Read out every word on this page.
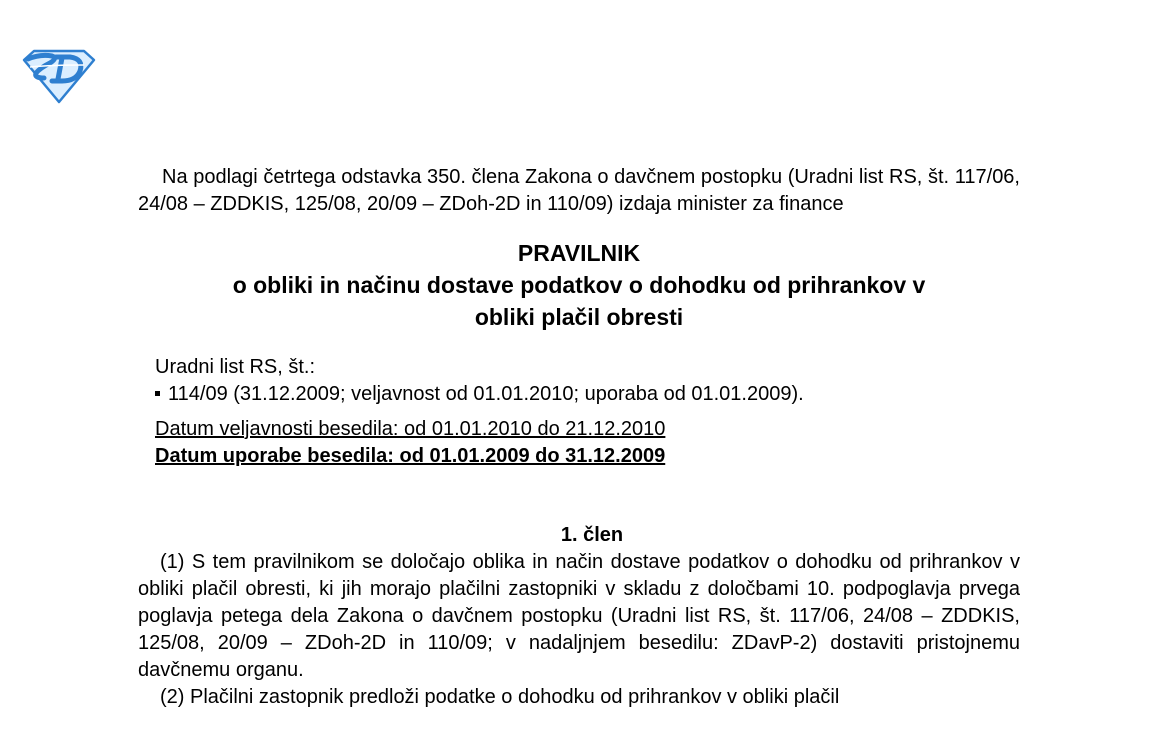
Na podlagi četrtega odstavka 350. člena Zakona o davčnem postopku (Uradni list RS, št. 117/06, 24/08 – ZDDKIS, 125/08, 20/09 – ZDoh-2D in 110/09) izdaja minister za finance

PRAVILNIK
o obliki in načinu dostave podatkov o dohodku od prihrankov v
obliki plačil obresti
Uradni list RS, št.:
114/09 (31.12.2009; veljavnost od 01.01.2010; uporaba od 01.01.2009).
Datum veljavnosti besedila: od 01.01.2010 do 21.12.2010
Datum uporabe besedila: od 01.01.2009 do 31.12.2009
1. člen

(1) S tem pravilnikom se določajo oblika in način dostave podatkov o dohodku od prihrankov v obliki plačil obresti, ki jih morajo plačilni zastopniki v skladu z določbami 10. podpoglavja prvega poglavja petega dela Zakona o davčnem postopku (Uradni list RS, št. 117/06, 24/08 – ZDDKIS, 125/08, 20/09 – ZDoh-2D in 110/09; v nadaljnjem besedilu: ZDavP-2) dostaviti pristojnemu davčnemu organu.

(2) Plačilni zastopnik predloži podatke o dohodku od prihrankov v obliki plačil
